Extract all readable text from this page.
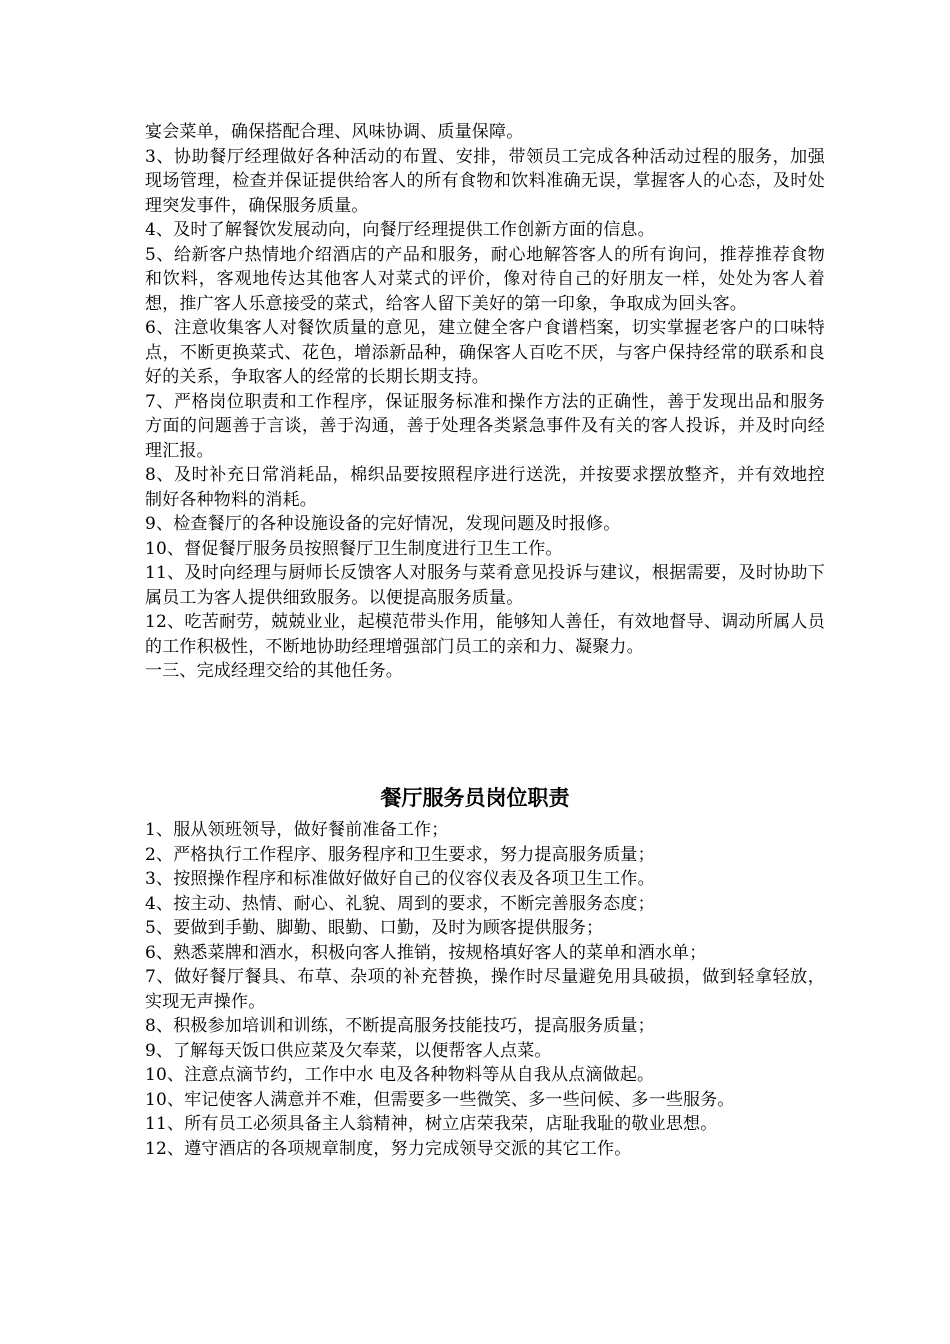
宴会菜单，确保搭配合理、风味协调、质量保障。

3、协助餐厅经理做好各种活动的布置、安排，带领员工完成各种活动过程的服务，加强现场管理，检查并保证提供给客人的所有食物和饮料准确无误，掌握客人的心态，及时处理突发事件，确保服务质量。

4、及时了解餐饮发展动向，向餐厅经理提供工作创新方面的信息。

5、给新客户热情地介绍酒店的产品和服务，耐心地解答客人的所有询问，推荐推荐食物和饮料，客观地传达其他客人对菜式的评价，像对待自己的好朋友一样，处处为客人着想，推广客人乐意接受的菜式，给客人留下美好的第一印象，争取成为回头客。

6、注意收集客人对餐饮质量的意见，建立健全客户食谱档案，切实掌握老客户的口味特点，不断更换菜式、花色，增添新品种，确保客人百吃不厌，与客户保持经常的联系和良好的关系，争取客人的经常的长期长期支持。

7、严格岗位职责和工作程序，保证服务标准和操作方法的正确性，善于发现出品和服务方面的问题善于言谈，善于沟通，善于处理各类紧急事件及有关的客人投诉，并及时向经理汇报。

8、及时补充日常消耗品，棉织品要按照程序进行送洗，并按要求摆放整齐，并有效地控制好各种物料的消耗。

9、检查餐厅的各种设施设备的完好情况，发现问题及时报修。

10、督促餐厅服务员按照餐厅卫生制度进行卫生工作。

11、及时向经理与厨师长反馈客人对服务与菜肴意见投诉与建议，根据需要，及时协助下属员工为客人提供细致服务。以便提高服务质量。

12、吃苦耐劳，兢兢业业，起模范带头作用，能够知人善任，有效地督导、调动所属人员的工作积极性，不断地协助经理增强部门员工的亲和力、凝聚力。

一三、完成经理交给的其他任务。

餐厅服务员岗位职责

1、服从领班领导，做好餐前准备工作；

2、严格执行工作程序、服务程序和卫生要求，努力提高服务质量；

3、按照操作程序和标准做好做好自己的仪容仪表及各项卫生工作。

4、按主动、热情、耐心、礼貌、周到的要求，不断完善服务态度；

5、要做到手勤、脚勤、眼勤、口勤，及时为顾客提供服务；

6、熟悉菜牌和酒水，积极向客人推销，按规格填好客人的菜单和酒水单；

7、做好餐厅餐具、布草、杂项的补充替换，操作时尽量避免用具破损，做到轻拿轻放，实现无声操作。

8、积极参加培训和训练，不断提高服务技能技巧，提高服务质量；

9、了解每天饭口供应菜及欠奉菜，以便帮客人点菜。

10、注意点滴节约，工作中水 电及各种物料等从自我从点滴做起。

10、牢记使客人满意并不难，但需要多一些微笑、多一些问候、多一些服务。

11、所有员工必须具备主人翁精神，树立店荣我荣，店耻我耻的敬业思想。

12、遵守酒店的各项规章制度，努力完成领导交派的其它工作。
